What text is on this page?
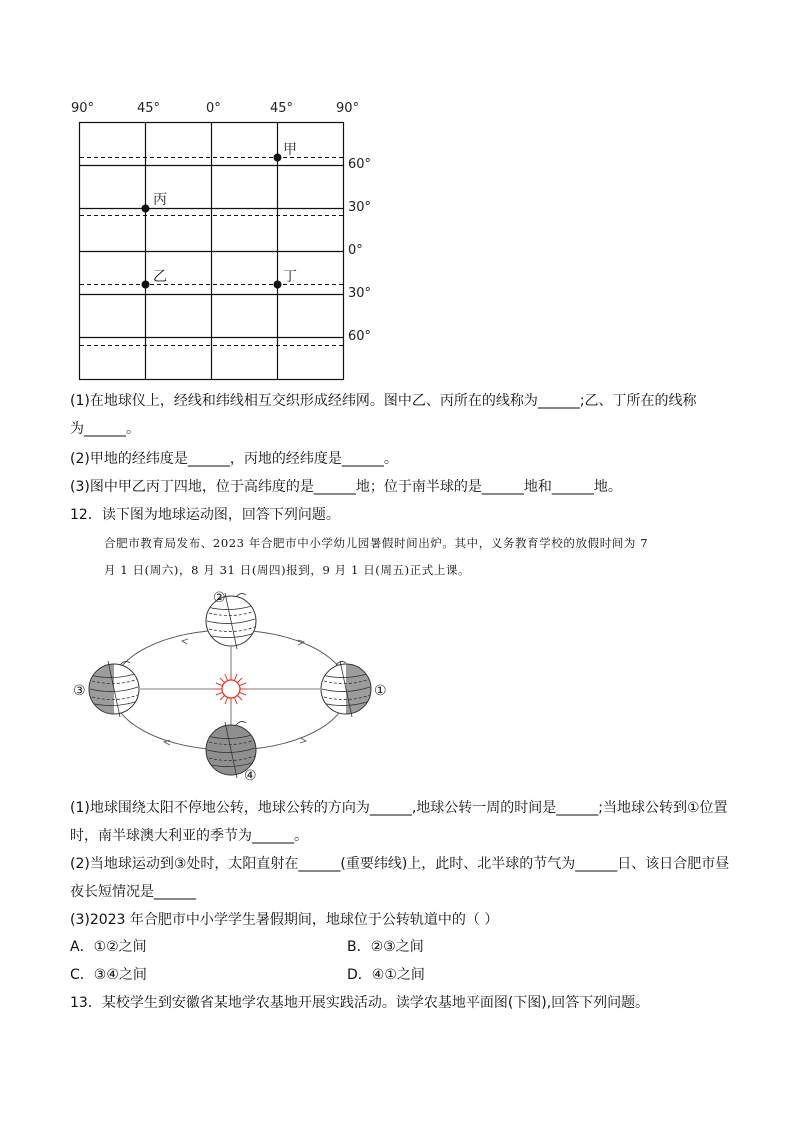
90°	45°	0°	45°	90°
60°
30°
0°
30°
60°
甲
丙
乙	丁
(1)在地球仪上，经线和纬线相互交织形成经纬网。图中乙、丙所在的线称为______;乙、丁所在的线称
为______。
(2)甲地的经纬度是______，丙地的经纬度是______。
(3)图中甲乙丙丁四地，位于高纬度的是______地；位于南半球的是______地和______地。
12．读下图为地球运动图，回答下列问题。
合肥市教育局发布、2023 年合肥市中小学幼儿园暑假时间出炉。其中，义务教育学校的放假时间为 7
月 1 日(周六)，8 月 31 日(周四)报到，9 月 1 日(周五)正式上课。
①
②
③
④
(1)地球围绕太阳不停地公转，地球公转的方向为______,地球公转一周的时间是______;当地球公转到①位置
时，南半球澳大利亚的季节为______。
(2)当地球运动到③处时，太阳直射在______(重要纬线)上，此时、北半球的节气为______日、该日合肥市昼
夜长短情况是______
(3)2023 年合肥市中小学学生暑假期间，地球位于公转轨道中的（ ）
A．①②之间	B．②③之间
C．③④之间	D．④①之间
13．某校学生到安徽省某地学农基地开展实践活动。读学农基地平面图(下图),回答下列问题。
